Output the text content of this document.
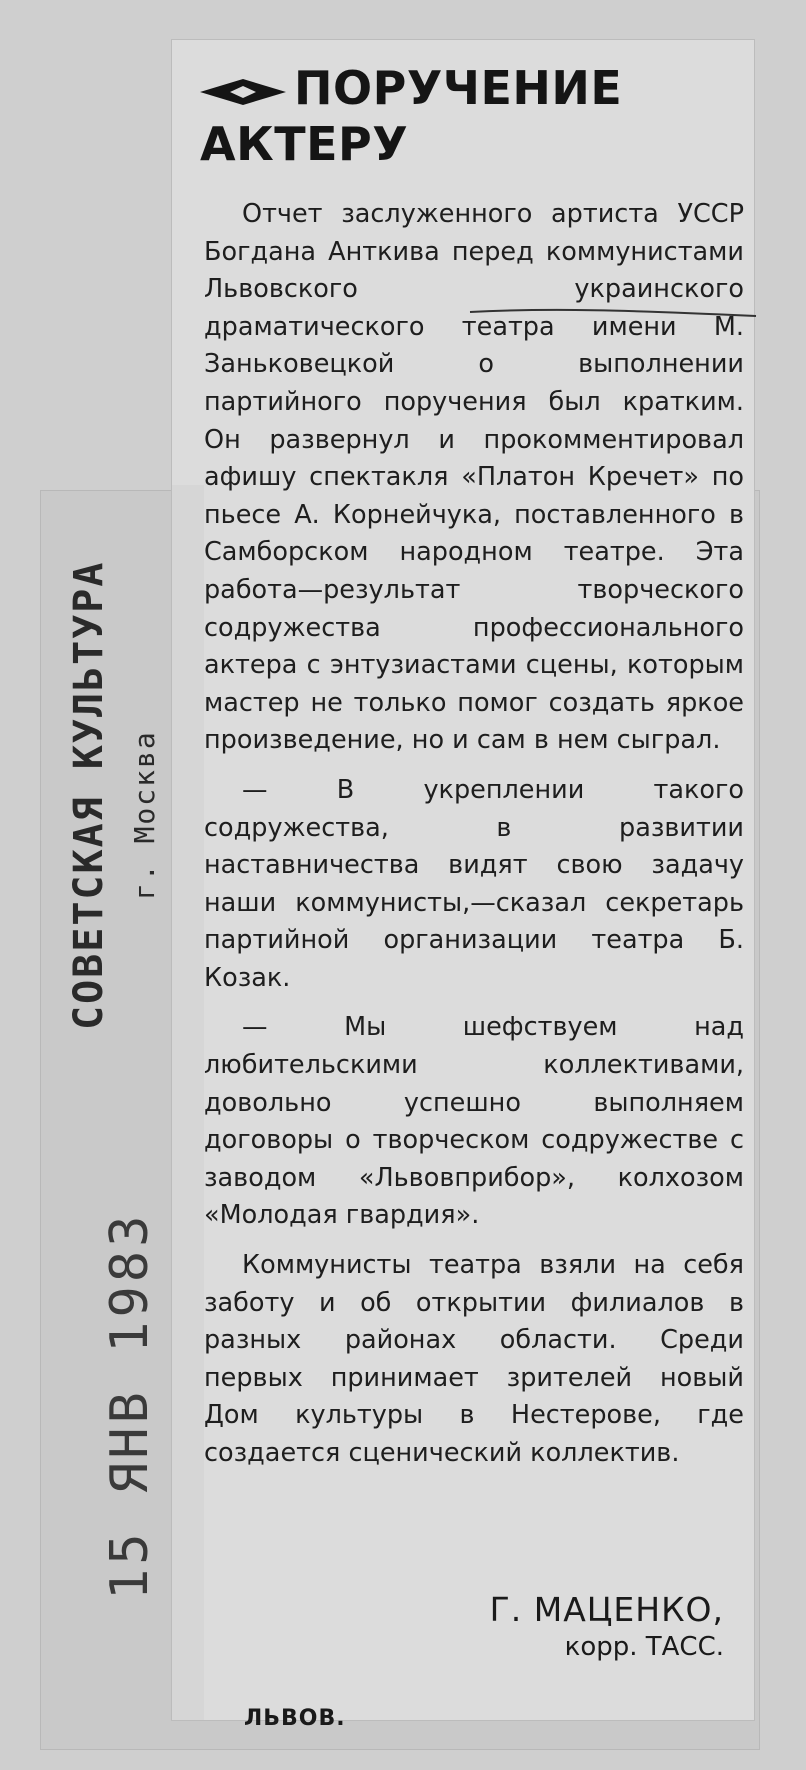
ПОРУЧЕНИЕ
АКТЕРУ

Отчет заслуженного артиста УССР Богдана Анткива перед коммунистами Львовского украинского драматического театра имени М. Заньковецкой о выполнении партийного поручения был кратким. Он развернул и прокомментировал афишу спектакля «Платон Кречет» по пьесе А. Корнейчука, поставленного в Самборском народном театре. Эта работа—результат творческого содружества профессионального актера с энтузиастами сцены, которым мастер не только помог создать яркое произведение, но и сам в нем сыграл.

— В укреплении такого содружества, в развитии наставничества видят свою задачу наши коммунисты,—сказал секретарь партийной организации театра Б. Козак.

— Мы шефствуем над любительскими коллективами, довольно успешно выполняем договоры о творческом содружестве с заводом «Львовприбор», колхозом «Молодая гвардия».

Коммунисты театра взяли на себя заботу и об открытии филиалов в разных районах области. Среди первых принимает зрителей новый Дом культуры в Нестерове, где создается сценический коллектив.

Г. МАЦЕНКО,
корр. ТАСС.
ЛЬВОВ.
СОВЕТСКАЯ КУЛЬТУРА г. Москва
15 ЯНВ 1983
